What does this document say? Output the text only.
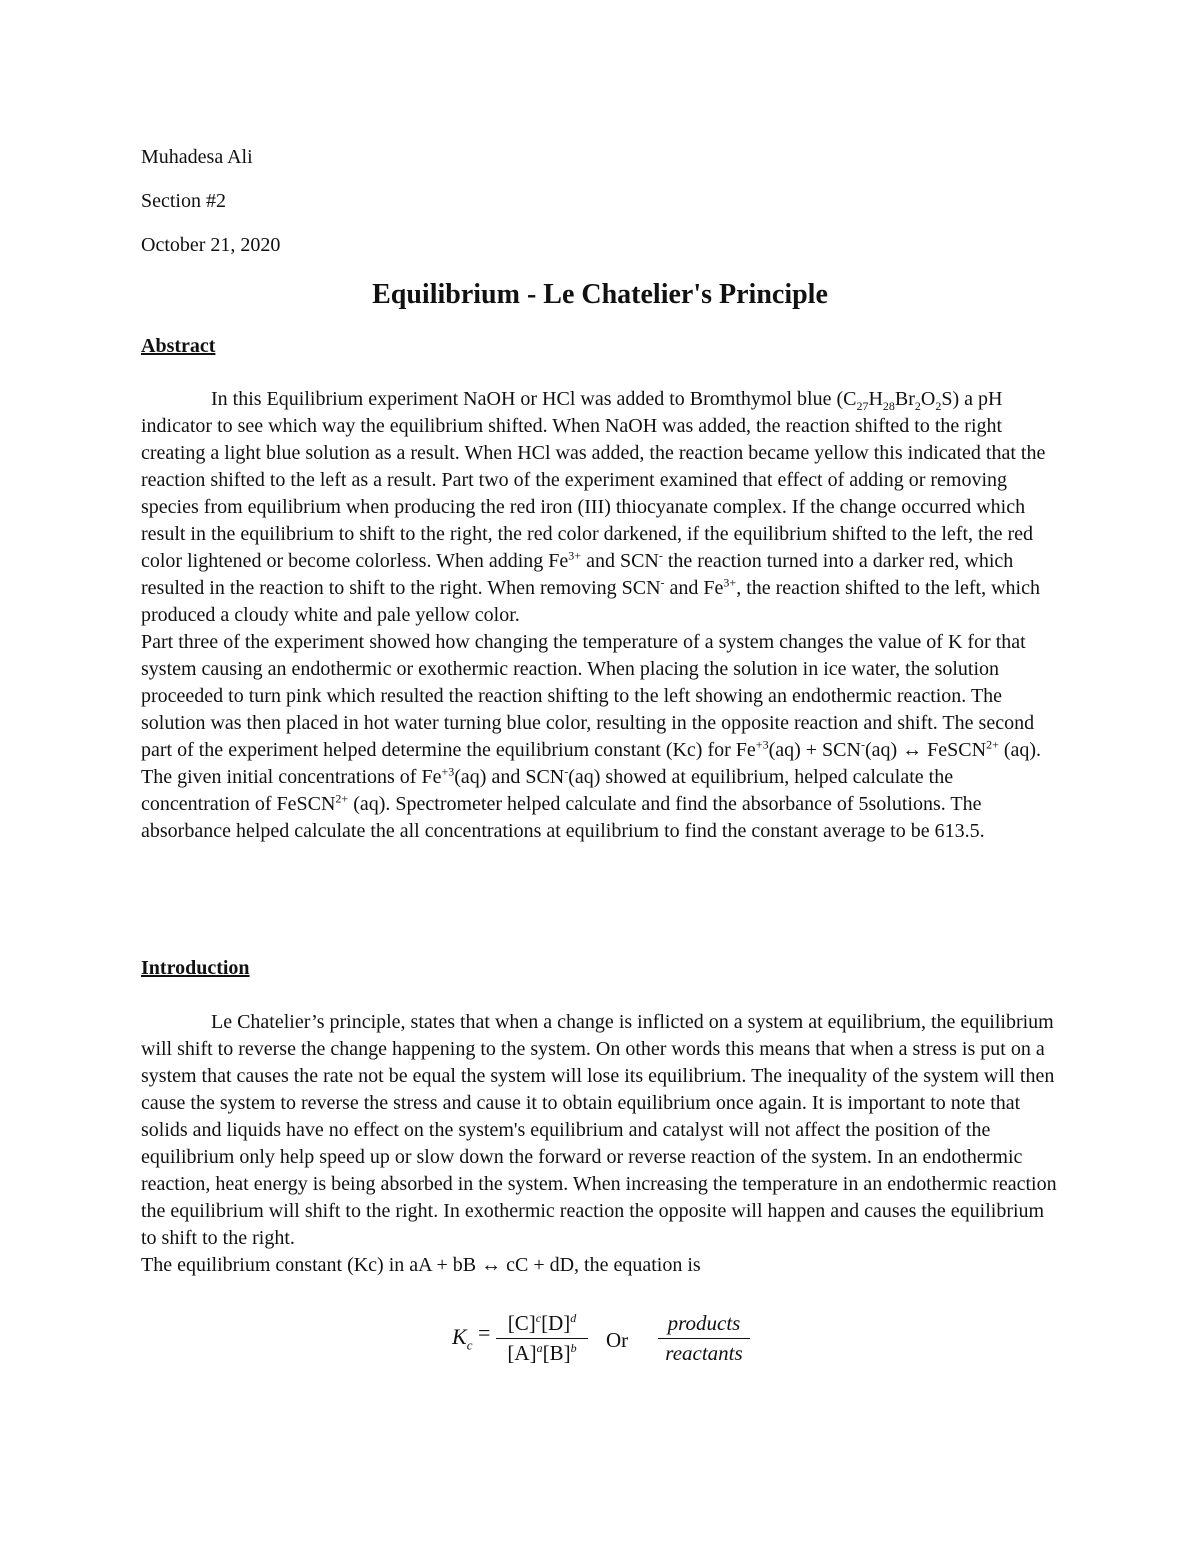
Muhadesa Ali
Section #2
October 21, 2020
Equilibrium - Le Chatelier's Principle
Abstract

In this Equilibrium experiment NaOH or HCl was added to Bromthymol blue $(C_{27}H_{28}Br_2O_2S)$ a pH indicator to see which way the equilibrium shifted. When NaOH was added, the reaction shifted to the right creating a light blue solution as a result. When HCl was added, the reaction became yellow this indicated that the reaction shifted to the left as a result. Part two of the experiment examined that effect of adding or removing species from equilibrium when producing the red iron (III) thiocyanate complex. If the change occurred which result in the equilibrium to shift to the right, the red color darkened, if the equilibrium shifted to the left, the red color lightened or become colorless. When adding $Fe^{3+}$ and SCN- the reaction turned into a darker red, which resulted in the reaction to shift to the right. When removing SCN- and $Fe^{3+}$, the reaction shifted to the left, which produced a cloudy white and pale yellow color.

Part three of the experiment showed how changing the temperature of a system changes the value of K for that system causing an endothermic or exothermic reaction. When placing the solution in ice water, the solution proceeded to turn pink which resulted the reaction shifting to the left showing an endothermic reaction. The solution was then placed in hot water turning blue color, resulting in the opposite reaction and shift. The second part of the experiment helped determine the equilibrium constant (Kc) for $Fe^{+3}(aq) + SCN^-(aq)$ ↔ FeSCN$^{2+}$ (aq). The given initial concentrations of $Fe^{+3}(aq)$ and SCN-(aq) showed at equilibrium, helped calculate the concentration of FeSCN$^{2+}$ (aq). Spectrometer helped calculate and find the absorbance of 5solutions. The absorbance helped calculate the all concentrations at equilibrium to find the constant average to be 613.5.

Introduction

Le Chatelier’s principle, states that when a change is inflicted on a system at equilibrium, the equilibrium will shift to reverse the change happening to the system. On other words this means that when a stress is put on a system that causes the rate not be equal the system will lose its equilibrium. The inequality of the system will then cause the system to reverse the stress and cause it to obtain equilibrium once again. It is important to note that solids and liquids have no effect on the system's equilibrium and catalyst will not affect the position of the equilibrium only help speed up or slow down the forward or reverse reaction of the system. In an endothermic reaction, heat energy is being absorbed in the system. When increasing the temperature in an endothermic reaction the equilibrium will shift to the right. In exothermic reaction the opposite will happen and causes the equilibrium to shift to the right.

The equilibrium constant (Kc) in aA + bB ↔ cC + dD, the equation is

$K_c = \frac{[C]^c[D]^d}{[A]^a[B]^b}$ Or
products
reactants
